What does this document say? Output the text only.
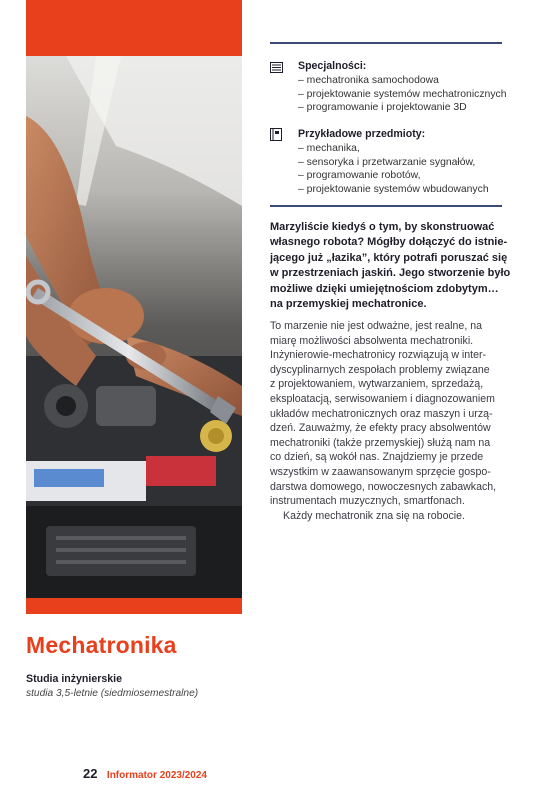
Specjalności:
– mechatronika samochodowa
– projektowanie systemów mechatronicznych
– programowanie i projektowanie 3D
Przykładowe przedmioty:
– mechanika,
– sensoryka i przetwarzanie sygnałów,
– programowanie robotów,
– projektowanie systemów wbudowanych
Marzyliście kiedyś o tym, by skonstruować
własnego robota? Mógłby dołączyć do istnie-
jącego już „łazika”, który potrafi poruszać się
w przestrzeniach jaskiń. Jego stworzenie było
możliwe dzięki umiejętnościom zdobytym…
na przemyskiej mechatronice.
To marzenie nie jest odważne, jest realne, na
miarę możliwości absolwenta mechatroniki.
Inżynierowie-mechatronicy rozwiązują w inter-
dyscyplinarnych zespołach problemy związane
z projektowaniem, wytwarzaniem, sprzedażą,
eksploatacją, serwisowaniem i diagnozowaniem
układów mechatronicznych oraz maszyn i urzą-
dzeń. Zauważmy, że efekty pracy absolwentów
mechatroniki (także przemyskiej) służą nam na
co dzień, są wokół nas. Znajdziemy je przede
wszystkim w zaawansowanym sprzęcie gospo-
darstwa domowego, nowoczesnych zabawkach,
instrumentach muzycznych, smartfonach.
Każdy mechatronik zna się na robocie.
Mechatronika
Studia inżynierskie
studia 3,5-letnie (siedmiosemestralne)
22 Informator 2023/2024
